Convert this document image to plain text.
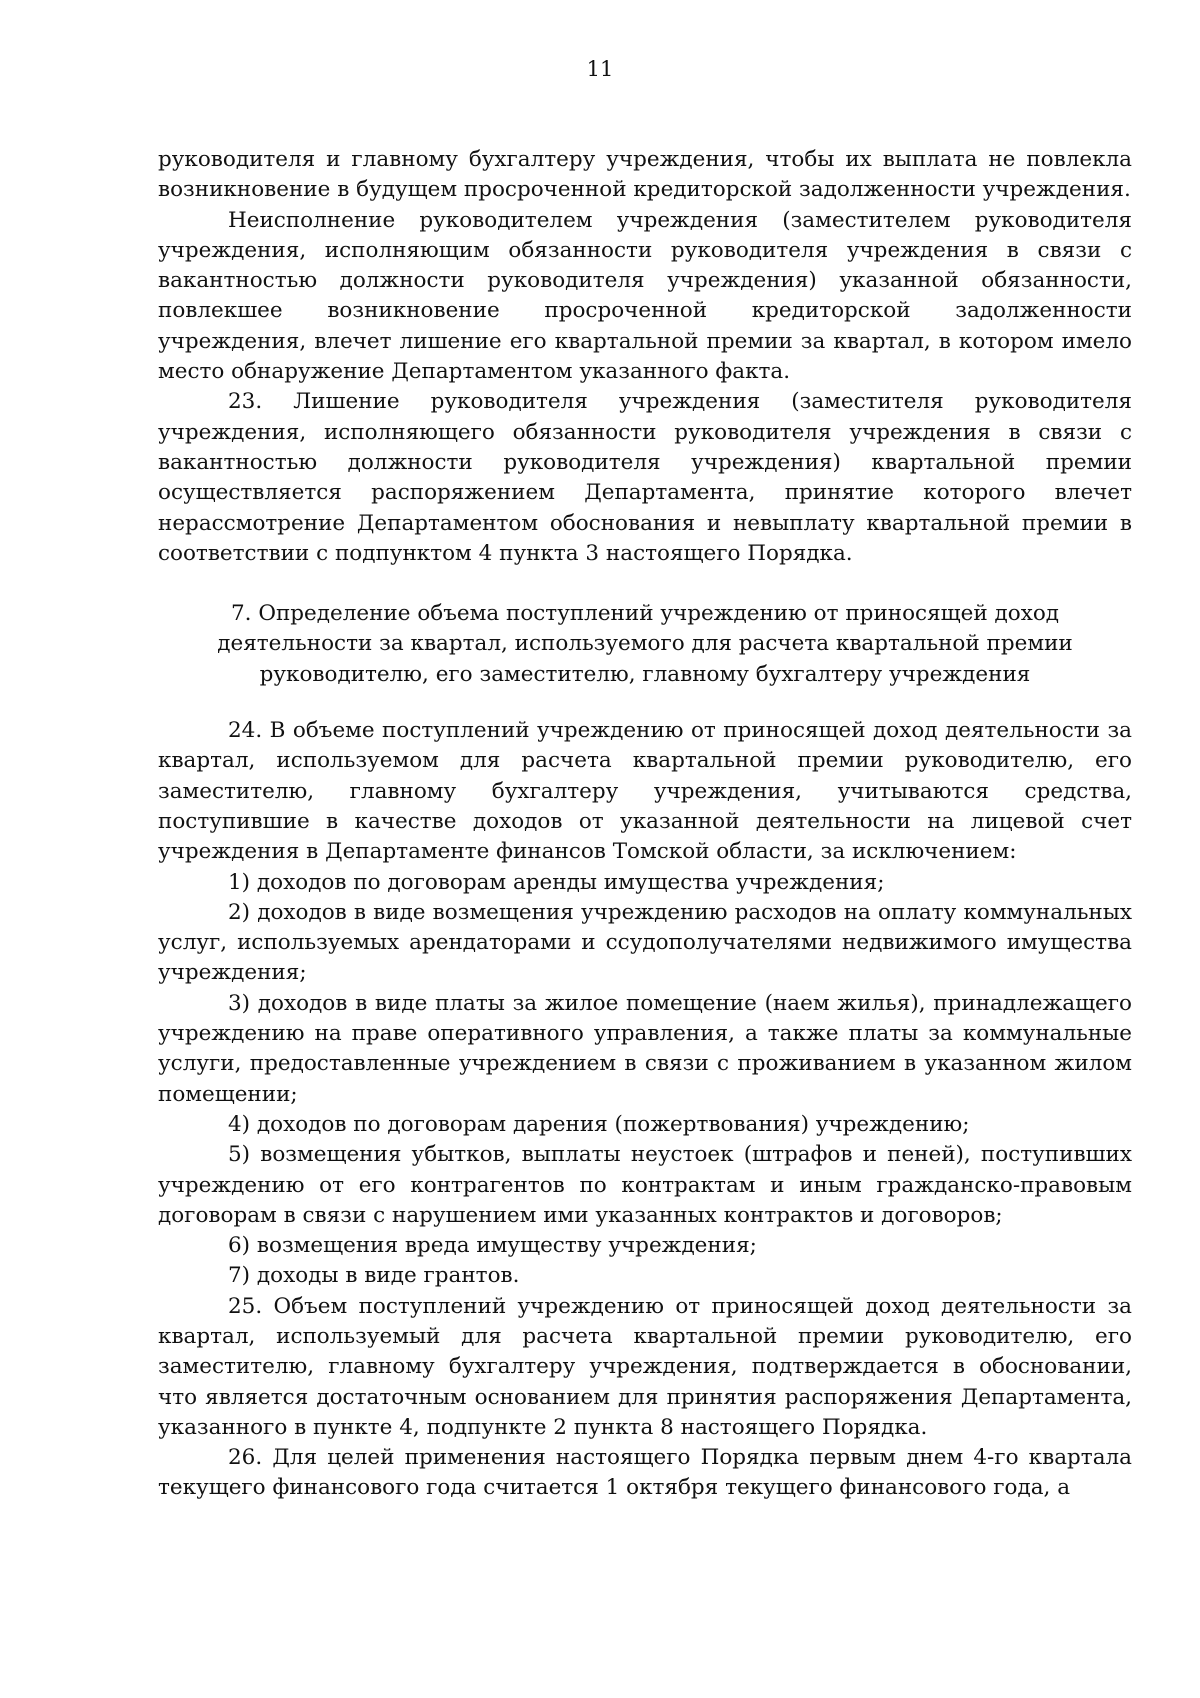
11

руководителя и главному бухгалтеру учреждения, чтобы их выплата не повлекла возникновение в будущем просроченной кредиторской задолженности учреждения.

Неисполнение руководителем учреждения (заместителем руководителя учреждения, исполняющим обязанности руководителя учреждения в связи с вакантностью должности руководителя учреждения) указанной обязанности, повлекшее возникновение просроченной кредиторской задолженности учреждения, влечет лишение его квартальной премии за квартал, в котором имело место обнаружение Департаментом указанного факта.

23. Лишение руководителя учреждения (заместителя руководителя учреждения, исполняющего обязанности руководителя учреждения в связи с вакантностью должности руководителя учреждения) квартальной премии осуществляется распоряжением Департамента, принятие которого влечет нерассмотрение Департаментом обоснования и невыплату квартальной премии в соответствии с подпунктом 4 пункта 3 настоящего Порядка.

7. Определение объема поступлений учреждению от приносящей доход деятельности за квартал, используемого для расчета квартальной премии руководителю, его заместителю, главному бухгалтеру учреждения

24. В объеме поступлений учреждению от приносящей доход деятельности за квартал, используемом для расчета квартальной премии руководителю, его заместителю, главному бухгалтеру учреждения, учитываются средства, поступившие в качестве доходов от указанной деятельности на лицевой счет учреждения в Департаменте финансов Томской области, за исключением:

1) доходов по договорам аренды имущества учреждения;

2) доходов в виде возмещения учреждению расходов на оплату коммунальных услуг, используемых арендаторами и ссудополучателями недвижимого имущества учреждения;

3) доходов в виде платы за жилое помещение (наем жилья), принадлежащего учреждению на праве оперативного управления, а также платы за коммунальные услуги, предоставленные учреждением в связи с проживанием в указанном жилом помещении;

4) доходов по договорам дарения (пожертвования) учреждению;

5) возмещения убытков, выплаты неустоек (штрафов и пеней), поступивших учреждению от его контрагентов по контрактам и иным гражданско-правовым договорам в связи с нарушением ими указанных контрактов и договоров;

6) возмещения вреда имуществу учреждения;

7) доходы в виде грантов.

25. Объем поступлений учреждению от приносящей доход деятельности за квартал, используемый для расчета квартальной премии руководителю, его заместителю, главному бухгалтеру учреждения, подтверждается в обосновании, что является достаточным основанием для принятия распоряжения Департамента, указанного в пункте 4, подпункте 2 пункта 8 настоящего Порядка.

26. Для целей применения настоящего Порядка первым днем 4-го квартала текущего финансового года считается 1 октября текущего финансового года, а
